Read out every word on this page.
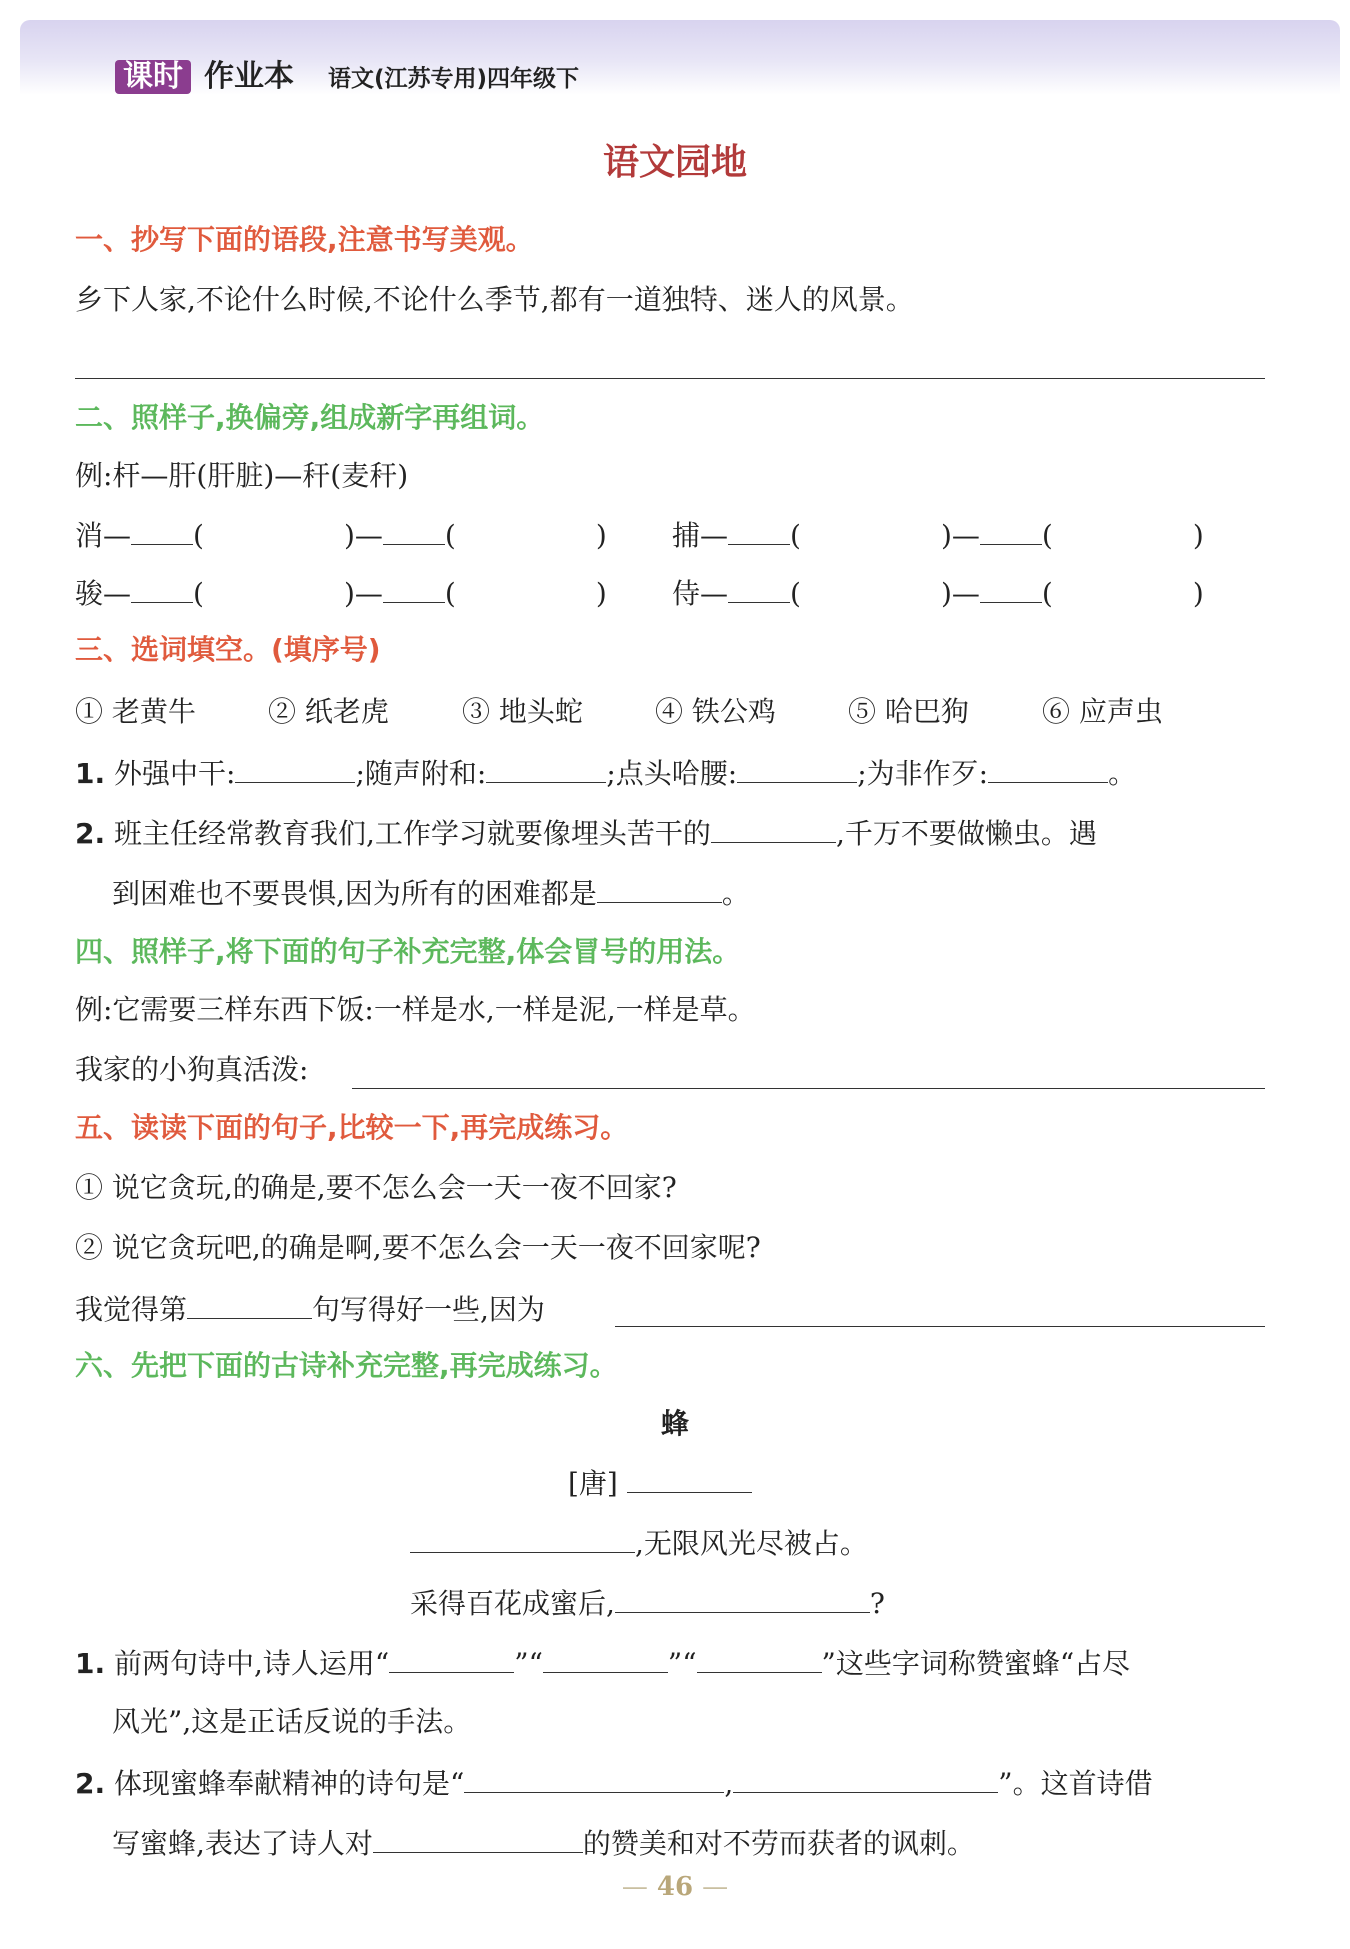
课时 作业本 语文(江苏专用)四年级下
语文园地
一、抄写下面的语段,注意书写美观。
乡下人家,不论什么时候,不论什么季节,都有一道独特、迷人的风景。
二、照样子,换偏旁,组成新字再组词。
例:杆—肝(肝脏)—秆(麦秆)
消— (	)— (	) 捕— (	)— (	)
骏— (	)— (	) 侍— (	)— (	)
三、选词填空。(填序号)
① 老黄牛	② 纸老虎	③ 地头蛇	④ 铁公鸡	⑤ 哈巴狗	⑥ 应声虫
1. 外强中干:	;随声附和:	;点头哈腰:	;为非作歹:	。
2. 班主任经常教育我们,工作学习就要像埋头苦干的	,千万不要做懒虫。遇
到困难也不要畏惧,因为所有的困难都是	。
四、照样子,将下面的句子补充完整,体会冒号的用法。
例:它需要三样东西下饭:一样是水,一样是泥,一样是草。
我家的小狗真活泼:
五、读读下面的句子,比较一下,再完成练习。
① 说它贪玩,的确是,要不怎么会一天一夜不回家?
② 说它贪玩吧,的确是啊,要不怎么会一天一夜不回家呢?
我觉得第	句写得好一些,因为
六、先把下面的古诗补充完整,再完成练习。
蜂
[唐]
,无限风光尽被占。
采得百花成蜜后,	?
1. 前两句诗中,诗人运用“	”“	”“	”这些字词称赞蜜蜂“占尽
风光”,这是正话反说的手法。
2. 体现蜜蜂奉献精神的诗句是“	,	”。这首诗借
写蜜蜂,表达了诗人对	的赞美和对不劳而获者的讽刺。
— 46 —
